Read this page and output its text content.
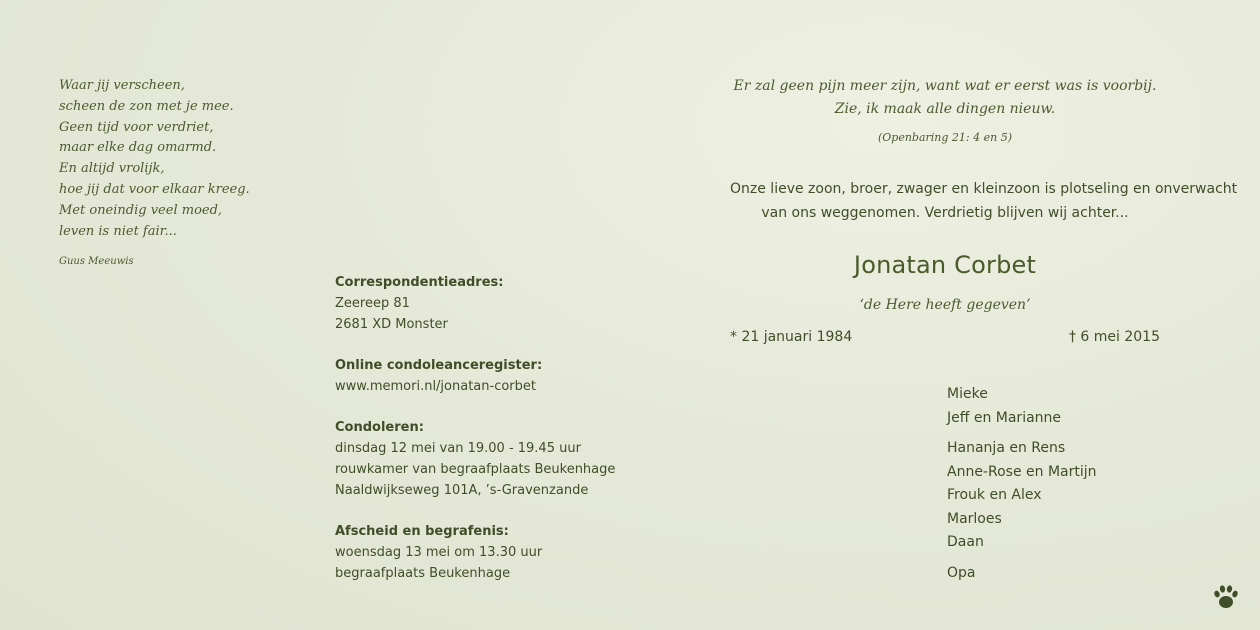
Waar jij verscheen,
scheen de zon met je mee.
Geen tijd voor verdriet,
maar elke dag omarmd.
En altijd vrolijk,
hoe jij dat voor elkaar kreeg.
Met oneindig veel moed,
leven is niet fair...
Guus Meeuwis
Correspondentieadres:
Zeereep 81
2681 XD Monster
Online condoleanceregister:
www.memori.nl/jonatan-corbet
Condoleren:
dinsdag 12 mei van 19.00 - 19.45 uur
rouwkamer van begraafplaats Beukenhage
Naaldwijkseweg 101A, ’s-Gravenzande
Afscheid en begrafenis:
woensdag 13 mei om 13.30 uur
begraafplaats Beukenhage
Er zal geen pijn meer zijn, want wat er eerst was is voorbij.
Zie, ik maak alle dingen nieuw.
(Openbaring 21: 4 en 5)
Onze lieve zoon, broer, zwager en kleinzoon is plotseling en onverwacht
van ons weggenomen. Verdrietig blijven wij achter...
Jonatan Corbet
‘de Here heeft gegeven’
* 21 januari 1984	† 6 mei 2015
Mieke
Jeff en Marianne
Hananja en Rens
Anne-Rose en Martijn
Frouk en Alex
Marloes
Daan
Opa
